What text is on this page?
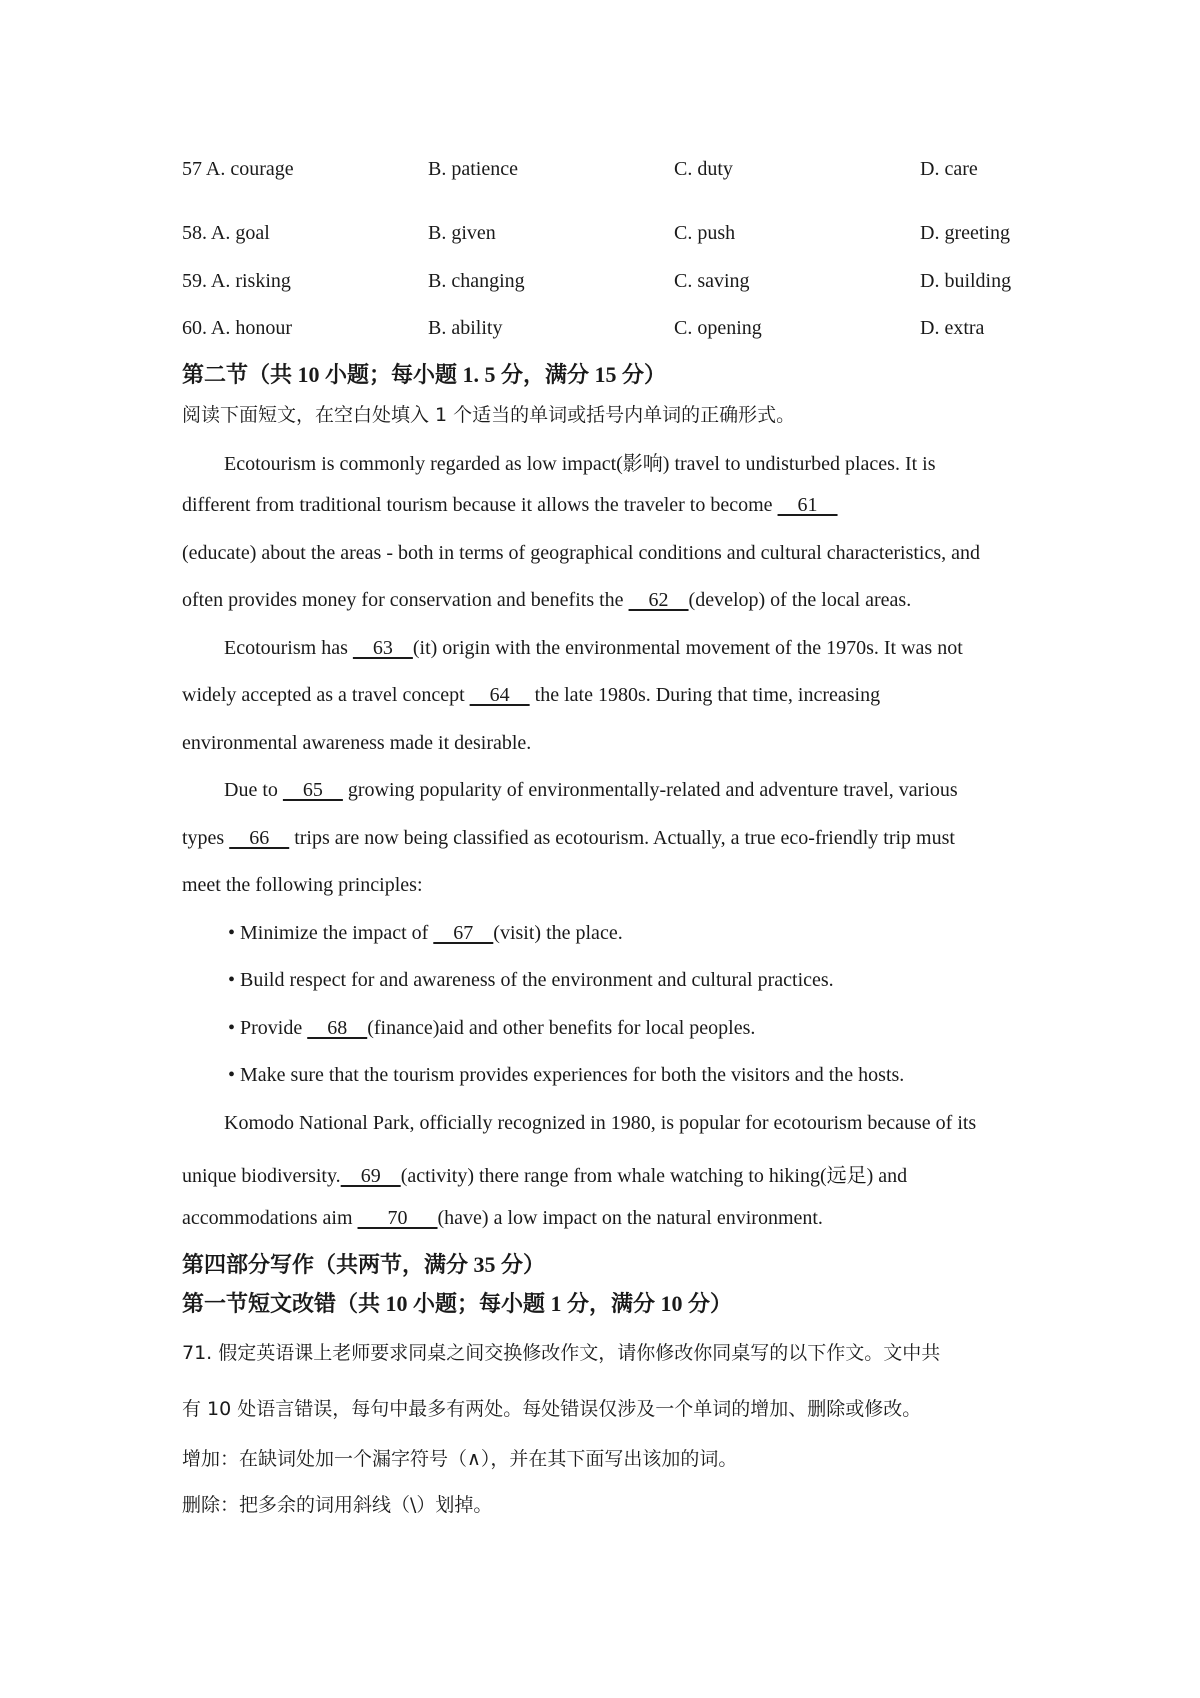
57 A. courage	B. patience	C. duty	D. care
58. A. goal	B. given	C. push	D. greeting
59. A. risking	B. changing	C. saving	D. building
60. A. honour	B. ability	C. opening	D. extra
第二节（共 10 小题；每小题 1. 5 分，满分 15 分）
阅读下面短文，在空白处填入 1 个适当的单词或括号内单词的正确形式。
Ecotourism is commonly regarded as low impact(影响) travel to undisturbed places. It is
different from traditional tourism because it allows the traveler to become     61
(educate) about the areas - both in terms of geographical conditions and cultural characteristics, and
often provides money for conservation and benefits the     62    (develop) of the local areas.
Ecotourism has     63    (it) origin with the environmental movement of the 1970s. It was not
widely accepted as a travel concept     64     the late 1980s. During that time, increasing
environmental awareness made it desirable.
Due to     65     growing popularity of environmentally-related and adventure travel, various
types     66     trips are now being classified as ecotourism. Actually, a true eco-friendly trip must
meet the following principles:
• Minimize the impact of     67    (visit) the place.
• Build respect for and awareness of the environment and cultural practices.
• Provide     68    (finance)aid and other benefits for local peoples.
• Make sure that the tourism provides experiences for both the visitors and the hosts.
Komodo National Park, officially recognized in 1980, is popular for ecotourism because of its
unique biodiversity.    69    (activity) there range from whale watching to hiking(远足) and
accommodations aim       70      (have) a low impact on the natural environment.
第四部分写作（共两节，满分 35 分）
第一节短文改错（共 10 小题；每小题 1 分，满分 10 分）
71. 假定英语课上老师要求同桌之间交换修改作文，请你修改你同桌写的以下作文。文中共
有 10 处语言错误，每句中最多有两处。每处错误仅涉及一个单词的增加、删除或修改。
增加：在缺词处加一个漏字符号（∧），并在其下面写出该加的词。
删除：把多余的词用斜线（\）划掉。
